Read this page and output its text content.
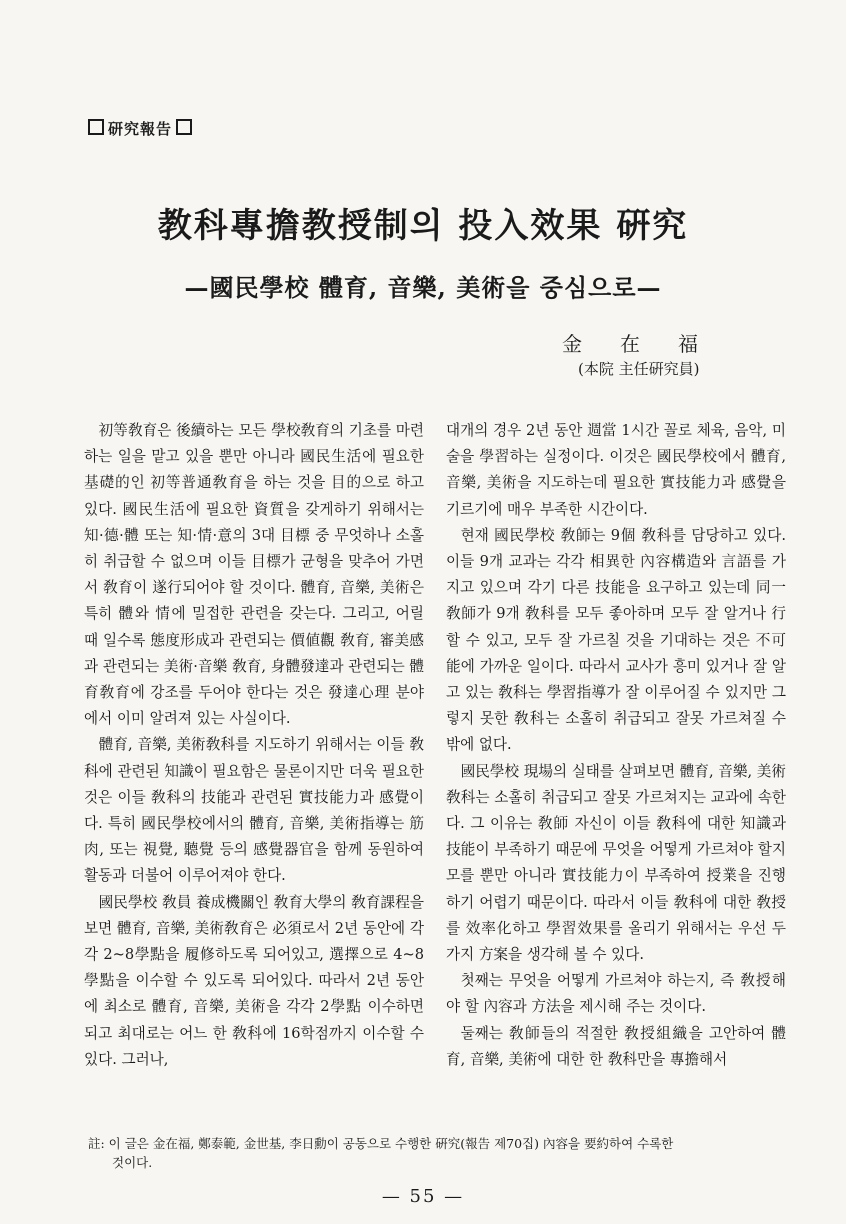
研究報告
教科專擔教授制의 投入效果 硏究
—國民學校 體育, 音樂, 美術을 중심으로—
金在福
(本院 主任硏究員)

初等敎育은 後續하는 모든 學校敎育의 기초를 마련하는 일을 맡고 있을 뿐만 아니라 國民生活에 필요한 基礎的인 初等普通敎育을 하는 것을 目的으로 하고 있다. 國民生活에 필요한 資質을 갖게하기 위해서는 知·德·體 또는 知·情·意의 3대 目標 중 무엇하나 소홀히 취급할 수 없으며 이들 目標가 균형을 맞추어 가면서 敎育이 遂行되어야 할 것이다. 體育, 音樂, 美術은 특히 體와 情에 밀접한 관련을 갖는다. 그리고, 어릴 때 일수록 態度形成과 관련되는 價値觀 敎育, 審美感과 관련되는 美術·音樂 敎育, 身體發達과 관련되는 體育敎育에 강조를 두어야 한다는 것은 發達心理 분야에서 이미 알려져 있는 사실이다.

體育, 音樂, 美術敎科를 지도하기 위해서는 이들 敎科에 관련된 知識이 필요함은 물론이지만 더욱 필요한 것은 이들 敎科의 技能과 관련된 實技能力과 感覺이다. 특히 國民學校에서의 體育, 音樂, 美術指導는 筋肉, 또는 視覺, 聽覺 등의 感覺器官을 함께 동원하여 활동과 더불어 이루어져야 한다.

國民學校 敎員 養成機關인 敎育大學의 敎育課程을 보면 體育, 音樂, 美術敎育은 必須로서 2년 동안에 각각 2~8學點을 履修하도록 되어있고, 選擇으로 4~8學點을 이수할 수 있도록 되어있다. 따라서 2년 동안에 최소로 體育, 音樂, 美術을 각각 2學點 이수하면 되고 최대로는 어느 한 敎科에 16학점까지 이수할 수 있다. 그러나,

대개의 경우 2년 동안 週當 1시간 꼴로 체육, 음악, 미술을 學習하는 실정이다. 이것은 國民學校에서 體育, 音樂, 美術을 지도하는데 필요한 實技能力과 感覺을 기르기에 매우 부족한 시간이다.

현재 國民學校 敎師는 9個 敎科를 담당하고 있다. 이들 9개 교과는 각각 相異한 內容構造와 言語를 가지고 있으며 각기 다른 技能을 요구하고 있는데 同一敎師가 9개 敎科를 모두 좋아하며 모두 잘 알거나 行할 수 있고, 모두 잘 가르칠 것을 기대하는 것은 不可能에 가까운 일이다. 따라서 교사가 흥미 있거나 잘 알고 있는 敎科는 學習指導가 잘 이루어질 수 있지만 그렇지 못한 敎科는 소홀히 취급되고 잘못 가르쳐질 수밖에 없다.

國民學校 現場의 실태를 살펴보면 體育, 音樂, 美術敎科는 소홀히 취급되고 잘못 가르쳐지는 교과에 속한다. 그 이유는 敎師 자신이 이들 敎科에 대한 知識과 技能이 부족하기 때문에 무엇을 어떻게 가르쳐야 할지 모를 뿐만 아니라 實技能力이 부족하여 授業을 진행하기 어렵기 때문이다. 따라서 이들 敎科에 대한 敎授를 效率化하고 學習效果를 올리기 위해서는 우선 두 가지 方案을 생각해 볼 수 있다.

첫째는 무엇을 어떻게 가르쳐야 하는지, 즉 敎授해야 할 內容과 方法을 제시해 주는 것이다.

둘째는 敎師들의 적절한 敎授組織을 고안하여 體育, 音樂, 美術에 대한 한 敎科만을 專擔해서

註: 이 글은 金在福, 鄭泰範, 金世基, 李日勳이 공동으로 수행한 硏究(報告 제70집) 內容을 要約하여 수록한
것이다.
— 55 —
